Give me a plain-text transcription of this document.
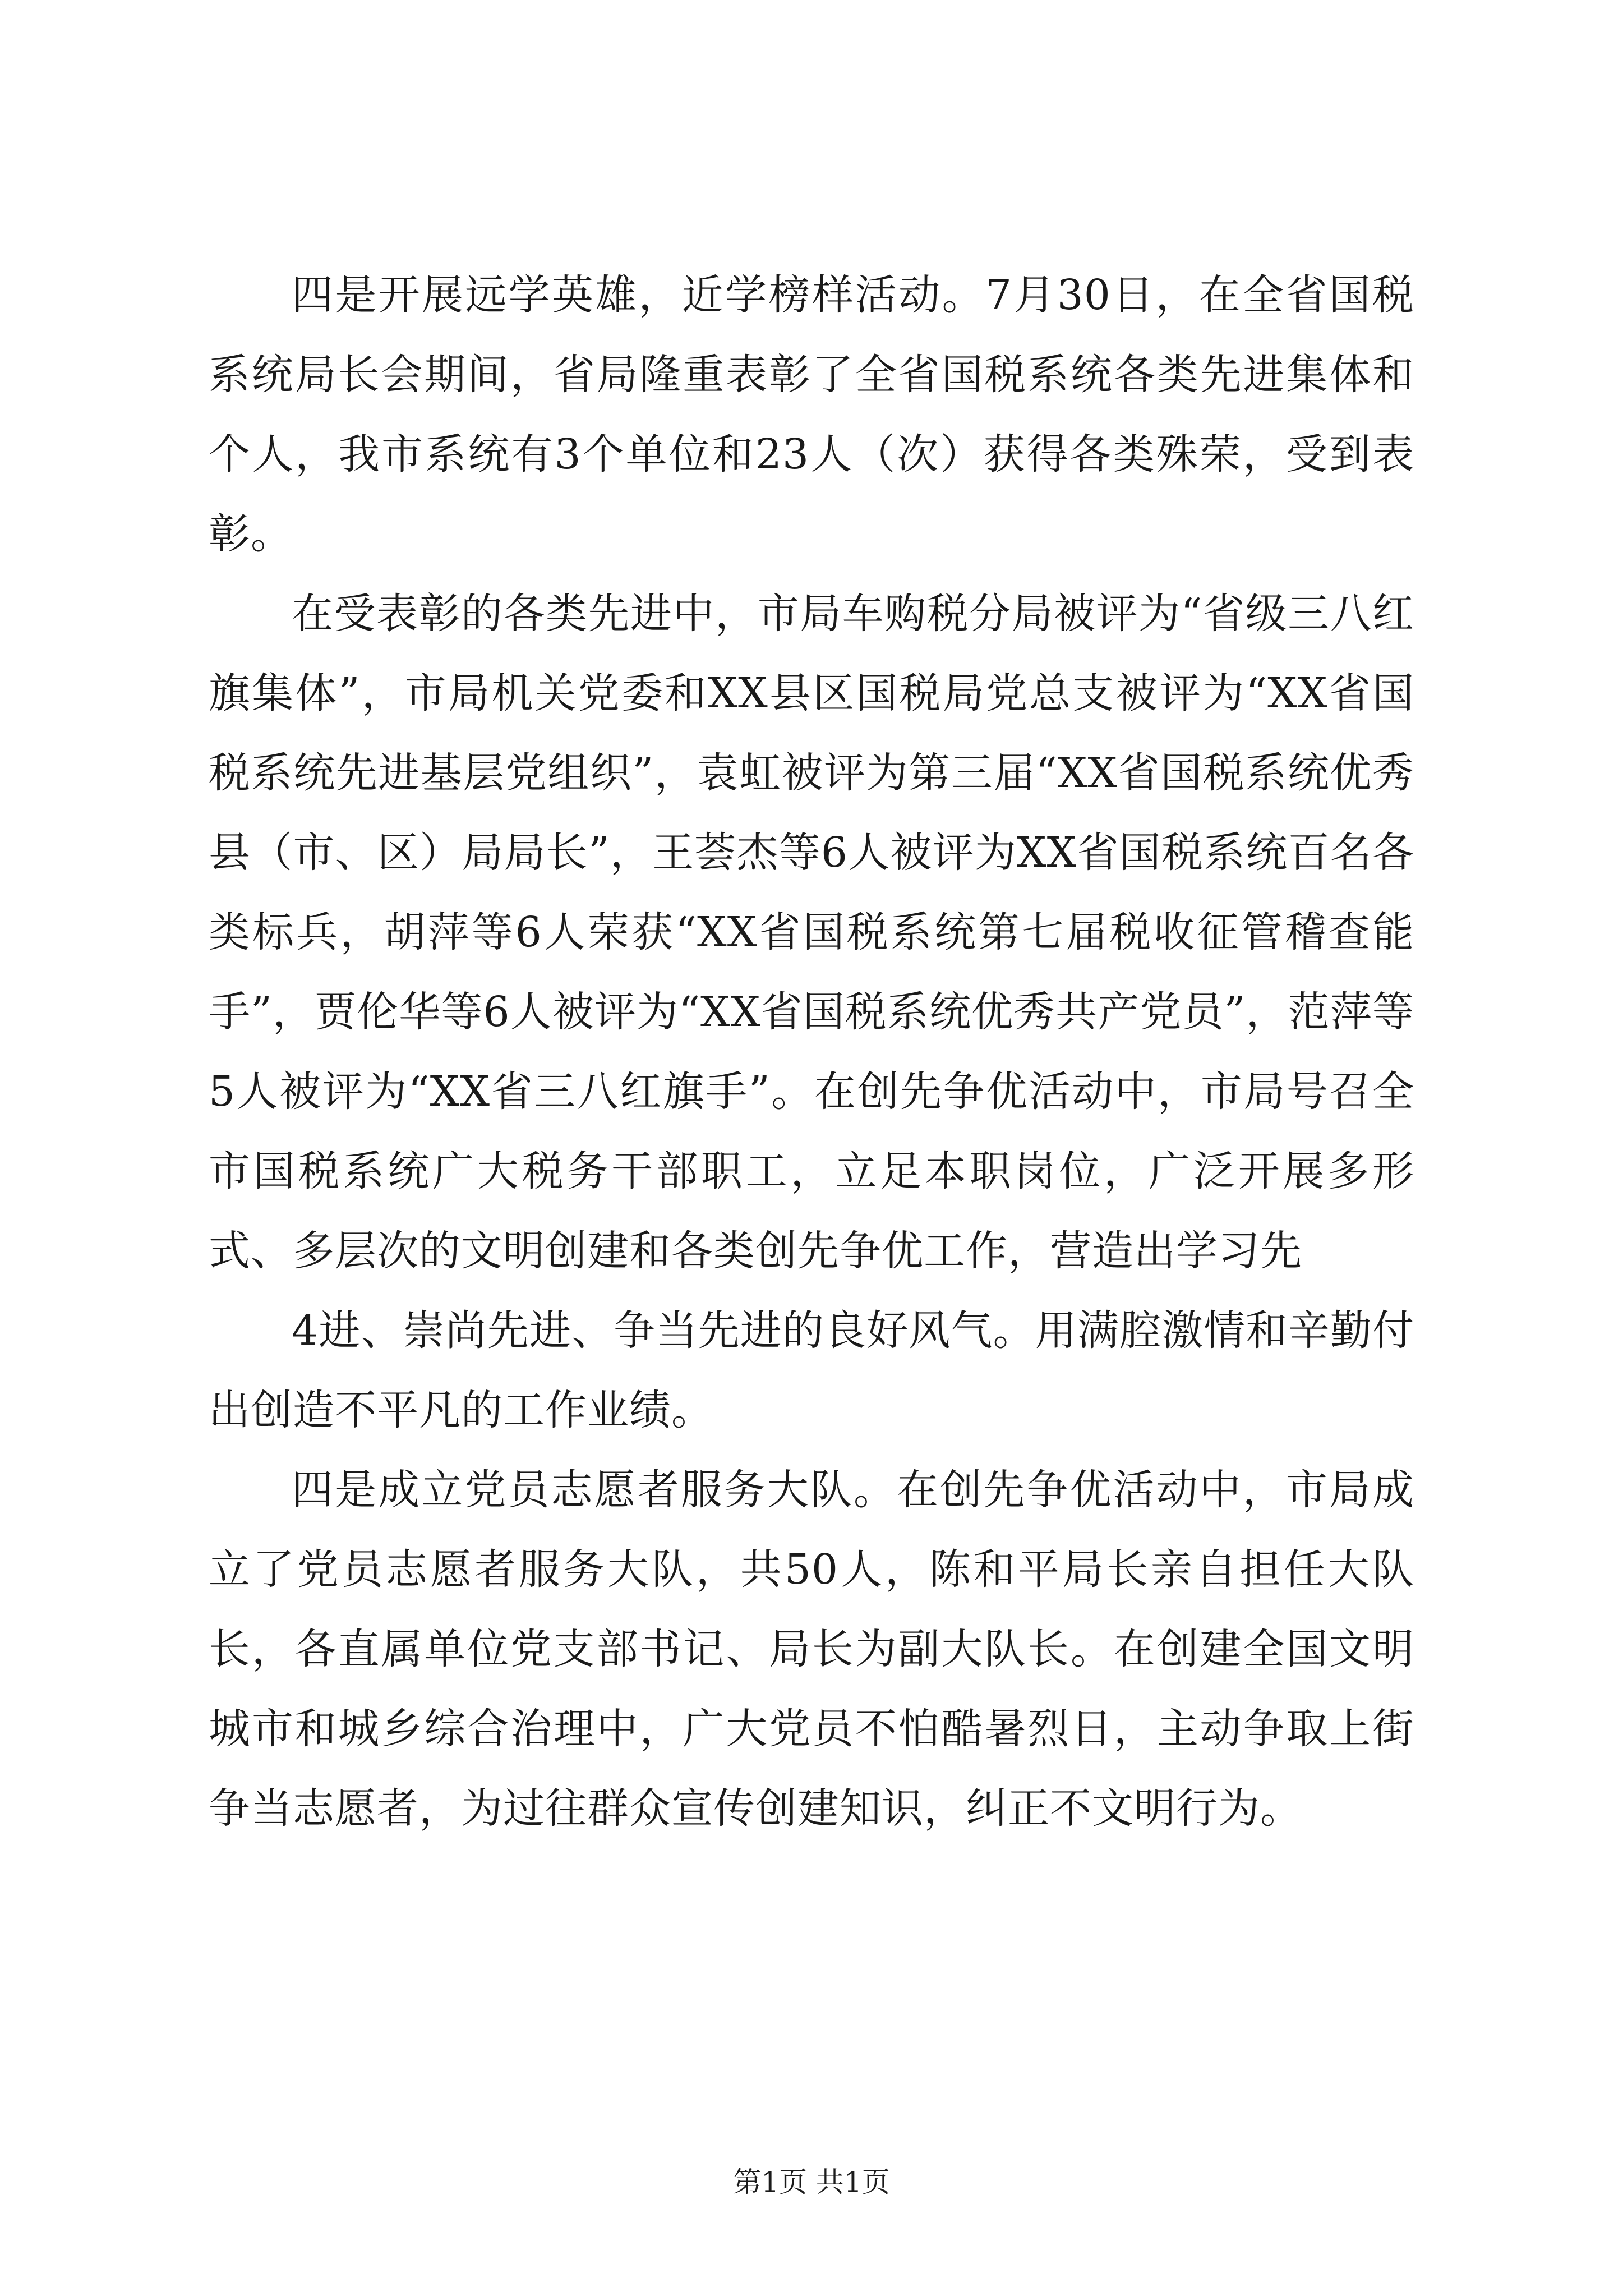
四是开展远学英雄，近学榜样活动。7月30日，在全省国税系统局长会期间，省局隆重表彰了全省国税系统各类先进集体和个人，我市系统有3个单位和23人（次）获得各类殊荣，受到表彰。

在受表彰的各类先进中，市局车购税分局被评为“省级三八红旗集体”，市局机关党委和XX县区国税局党总支被评为“XX省国税系统先进基层党组织”，袁虹被评为第三届“XX省国税系统优秀县（市、区）局局长”，王荟杰等6人被评为XX省国税系统百名各类标兵，胡萍等6人荣获“XX省国税系统第七届税收征管稽查能手”，贾伦华等6人被评为“XX省国税系统优秀共产党员”，范萍等5人被评为“XX省三八红旗手”。在创先争优活动中，市局号召全市国税系统广大税务干部职工，立足本职岗位，广泛开展多形式、多层次的文明创建和各类创先争优工作，营造出学习先

4进、崇尚先进、争当先进的良好风气。用满腔激情和辛勤付出创造不平凡的工作业绩。

四是成立党员志愿者服务大队。在创先争优活动中，市局成立了党员志愿者服务大队，共50人，陈和平局长亲自担任大队长，各直属单位党支部书记、局长为副大队长。在创建全国文明城市和城乡综合治理中，广大党员不怕酷暑烈日，主动争取上街争当志愿者，为过往群众宣传创建知识，纠正不文明行为。

第1页 共1页
